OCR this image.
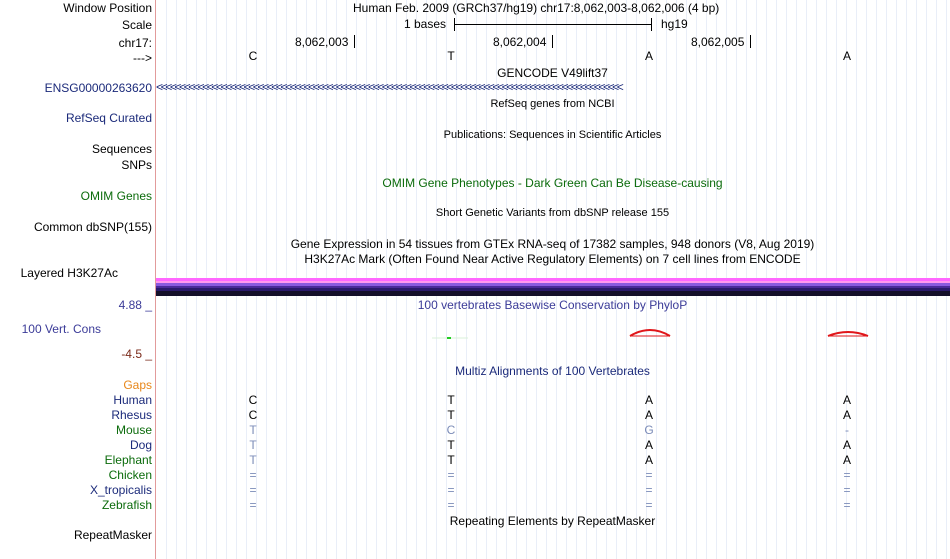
Window Position	Human Feb. 2009 (GRCh37/hg19) chr17:8,062,003-8,062,006 (4 bp)
Scale	1 bases	hg19
chr17:	8,062,003	8,062,004	8,062,005
--->	C	T	A	A
GENCODE V49lift37
ENSG00000263620 <<<<<<<<<<<<<<<<<<<<<<<<<<<<<<<<<<<<<<<<<<<<<<<<<<<<<<<<<<<<<<<<<<<<<<<<<<<<<<<<<<<<<<<<<<<<<<<<<<<<<
RefSeq genes from NCBI
RefSeq Curated
Publications: Sequences in Scientific Articles
Sequences
SNPs
OMIM Gene Phenotypes - Dark Green Can Be Disease-causing
OMIM Genes
Short Genetic Variants from dbSNP release 155
Common dbSNP(155)
Gene Expression in 54 tissues from GTEx RNA-seq of 17382 samples, 948 donors (V8, Aug 2019)
H3K27Ac Mark (Often Found Near Active Regulatory Elements) on 7 cell lines from ENCODE
Layered H3K27Ac
4.88 _	100 vertebrates Basewise Conservation by PhyloP
100 Vert. Cons
-4.5 _
Multiz Alignments of 100 Vertebrates
Gaps
Human	C	T	A	A
Rhesus	C	T	A	A
Mouse	T	C	G	-
Dog	T	T	A	A
Elephant	T	T	A	A
Chicken	=	=	=	=
X_tropicalis	=	=	=	=
Zebrafish	=	=	=	=
Repeating Elements by RepeatMasker
RepeatMasker
